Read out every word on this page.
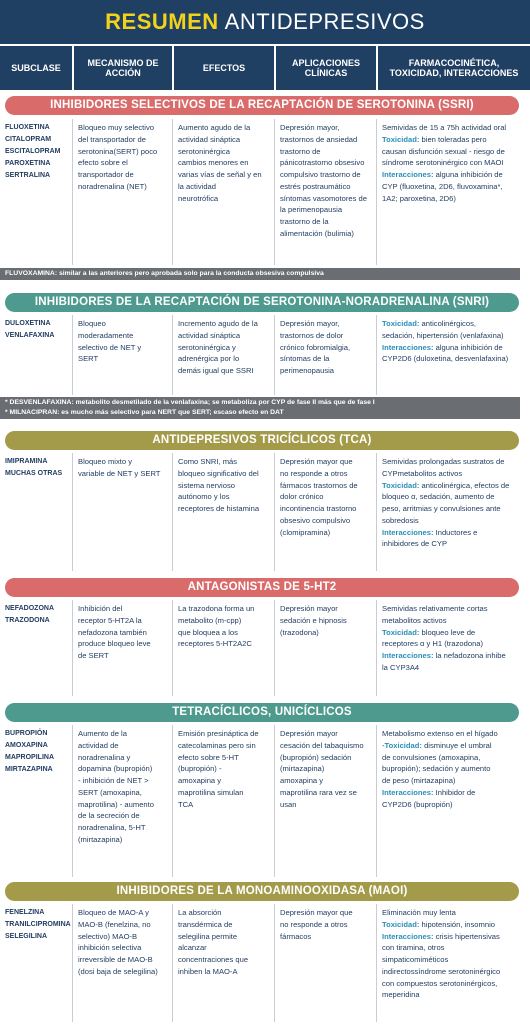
RESUMEN ANTIDEPRESIVOS
SUBCLASE
MECANISMO DE ACCIÓN
EFECTOS
APLICACIONES CLÍNICAS
FARMACOCINÉTICA, TOXICIDAD, INTERACCIONES
INHIBIDORES SELECTIVOS DE LA RECAPTACIÓN DE SEROTONINA (SSRI)
FLUOXETINA
CITALOPRAM
ESCITALOPRAM
PAROXETINA
SERTRALINA
Bloqueo muy selectivo
del transportador de
serotonina(SERT) poco
efecto sobre el
transportador de
noradrenalina (NET)
Aumento agudo de la
actividad sináptica
serotoninérgica
cambios menores en
varias vías de señal y en
la actividad
neurotrófica
Depresión mayor,
trastornos de ansiedad
trastorno de
pánicotrastorno obsesivo
compulsivo trastorno de
estrés postraumático
síntomas vasomotores de
la perimenopausia
trastorno de la
alimentación (bulimia)
Semividas de 15 a 75h actividad oral
Toxicidad: bien toleradas pero
causan disfunción sexual - riesgo de
síndrome serotoninérgico con MAOI
Interacciones: alguna inhibición de
CYP (fluoxetina, 2D6, fluvoxamina*,
1A2; paroxetina, 2D6)
FLUVOXAMINA: similar a las anteriores pero aprobada solo para la conducta obsesiva compulsiva
INHIBIDORES DE LA RECAPTACIÓN DE SEROTONINA-NORADRENALINA (SNRI)
DULOXETINA
VENLAFAXINA
Bloqueo
moderadamente
selectivo de NET y
SERT
Incremento agudo de la
actividad sináptica
serotoninérgica y
adrenérgica por lo
demás igual que SSRI
Depresión mayor,
trastornos de dolor
crónico fobromialgia,
síntomas de la
perimenopausia
Toxicidad: anticolinérgicos,
sedación, hipertensión (venlafaxina)
Interacciones: alguna inhibición de
CYP2D6 (duloxetina, desvenlafaxina)
* DESVENLAFAXINA: metabolito desmetilado de la venlafaxina; se metaboliza por CYP de fase II más que de fase I
* MILNACIPRAN: es mucho más selectivo para NERT que SERT; escaso efecto en DAT
ANTIDEPRESIVOS TRICÍCLICOS (TCA)
IMIPRAMINA
MUCHAS OTRAS
Bloqueo mixto y
variable de NET y SERT
Como SNRI, más
bloqueo significativo del
sistema nervioso
autónomo y los
receptores de histamina
Depresión mayor que
no responde a otros
fármacos trastornos de
dolor crónico
incontinencia trastorno
obsesivo compulsivo
(clomipramina)
Semividas prolongadas sustratos de
CYPmetabolitos activos
Toxicidad: anticolinérgica, efectos de
bloqueo α, sedación, aumento de
peso, arritmias y convulsiones ante
sobredosis
Interacciones: Inductores e
inhibidores de CYP
ANTAGONISTAS DE 5-HT2
NEFADOZONA
TRAZODONA
Inhibición del
receptor 5-HT2A la
nefadozona también
produce bloqueo leve
de SERT
La trazodona forma un
metabolito (m-cpp)
que bloquea a los
receptores 5-HT2A2C
Depresión mayor
sedación e hipnosis
(trazodona)
Semividas relativamente cortas
metabolitos activos
Toxicidad: bloqueo leve de
receptores α y H1 (trazodona)
Interacciones: la nefadozona inhibe
la CYP3A4
TETRACÍCLICOS, UNICÍCLICOS
BUPROPIÓN
AMOXAPINA
MAPROPILINA
MIRTAZAPINA
Aumento de la
actividad de
noradrenalina y
dopamina (bupropión)
- inhibición de NET >
SERT (amoxapina,
maprotilina) - aumento
de la secreción de
noradrenalina, 5-HT
(mirtazapina)
Emisión presináptica de
catecolaminas pero sin
efecto sobre 5-HT
(bupropión) -
amoxapina y
maprotilina simulan
TCA
Depresión mayor
cesación del tabaquismo
(bupropión) sedación
(mirtazapina)
amoxapina y
maprotilina rara vez se
usan
Metabolismo extenso en el hígado
-Toxicidad: disminuye el umbral
de convulsiones (amoxapina,
bupropión); sedación y aumento
de peso (mirtazapina)
Interacciones: Inhibidor de
CYP2D6 (bupropión)
INHIBIDORES DE LA MONOAMINOOXIDASA (MAOI)
FENELZINA
TRANILCIPROMINA
SELEGILINA
Bloqueo de MAO-A y
MAO-B (fenelzina, no
selectivo) MAO-B
inhibición selectiva
irreversible de MAO-B
(dosi baja de selegilina)
La absorción
transdérmica de
selegilina permite
alcanzar
concentraciones que
inhiben la MAO-A
Depresión mayor que
no responde a otros
fármacos
Eliminación muy lenta
Toxicidad: hipotensión, insomnio
Interacciones: crisis hipertensivas
con tiramina, otros
simpaticomiméticos
indirectossíndrome serotoninérgico
con compuestos serotoninérgicos,
meperidina
